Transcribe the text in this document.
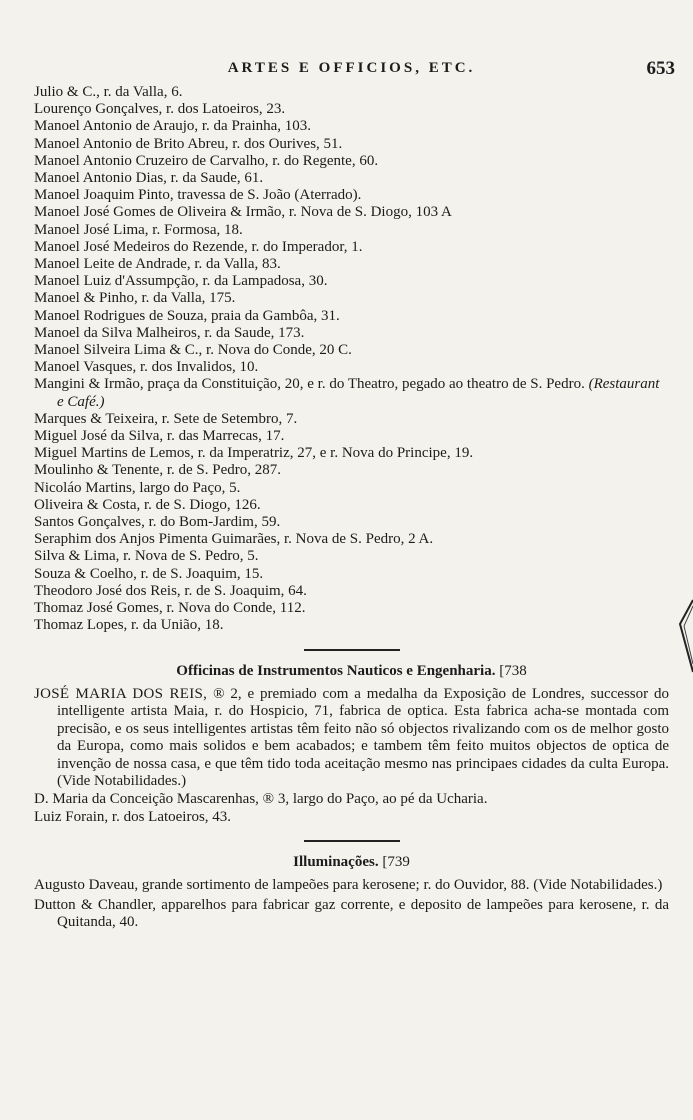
ARTES E OFFICIOS, ETC.	653
Julio & C., r. da Valla, 6.
Lourenço Gonçalves, r. dos Latoeiros, 23.
Manoel Antonio de Araujo, r. da Prainha, 103.
Manoel Antonio de Brito Abreu, r. dos Ourives, 51.
Manoel Antonio Cruzeiro de Carvalho, r. do Regente, 60.
Manoel Antonio Dias, r. da Saude, 61.
Manoel Joaquim Pinto, travessa de S. João (Aterrado).
Manoel José Gomes de Oliveira & Irmão, r. Nova de S. Diogo, 103 A
Manoel José Lima, r. Formosa, 18.
Manoel José Medeiros do Rezende, r. do Imperador, 1.
Manoel Leite de Andrade, r. da Valla, 83.
Manoel Luiz d'Assumpção, r. da Lampadosa, 30.
Manoel & Pinho, r. da Valla, 175.
Manoel Rodrigues de Souza, praia da Gambôa, 31.
Manoel da Silva Malheiros, r. da Saude, 173.
Manoel Silveira Lima & C., r. Nova do Conde, 20 C.
Manoel Vasques, r. dos Invalidos, 10.
Mangini & Irmão, praça da Constituição, 20, e r. do Theatro, pegado ao theatro de S. Pedro. (Restaurant e Café.)
Marques & Teixeira, r. Sete de Setembro, 7.
Miguel José da Silva, r. das Marrecas, 17.
Miguel Martins de Lemos, r. da Imperatriz, 27, e r. Nova do Principe, 19.
Moulinho & Tenente, r. de S. Pedro, 287.
Nicoláo Martins, largo do Paço, 5.
Oliveira & Costa, r. de S. Diogo, 126.
Santos Gonçalves, r. do Bom-Jardim, 59.
Seraphim dos Anjos Pimenta Guimarães, r. Nova de S. Pedro, 2 A.
Silva & Lima, r. Nova de S. Pedro, 5.
Souza & Coelho, r. de S. Joaquim, 15.
Theodoro José dos Reis, r. de S. Joaquim, 64.
Thomaz José Gomes, r. Nova do Conde, 112.
Thomaz Lopes, r. da União, 18.
Officinas de Instrumentos Nauticos e Engenharia. [738
JOSÉ MARIA DOS REIS, ® 2, e premiado com a medalha da Exposição de Londres, successor do intelligente artista Maia, r. do Hospicio, 71, fabrica de optica. Esta fabrica acha-se montada com precisão, e os seus intelligentes artistas têm feito não só objectos rivalizando com os de melhor gosto da Europa, como mais solidos e bem acabados; e tambem têm feito muitos objectos de optica de invenção de nossa casa, e que têm tido toda aceitação mesmo nas principaes cidades da culta Europa. (Vide Notabilidades.)
D. Maria da Conceição Mascarenhas, ® 3, largo do Paço, ao pé da Ucharia.
Luiz Forain, r. dos Latoeiros, 43.
Illuminações. [739
Augusto Daveau, grande sortimento de lampeões para kerosene; r. do Ouvidor, 88. (Vide Notabilidades.)
Dutton & Chandler, apparelhos para fabricar gaz corrente, e deposito de lampeões para kerosene, r. da Quitanda, 40.
